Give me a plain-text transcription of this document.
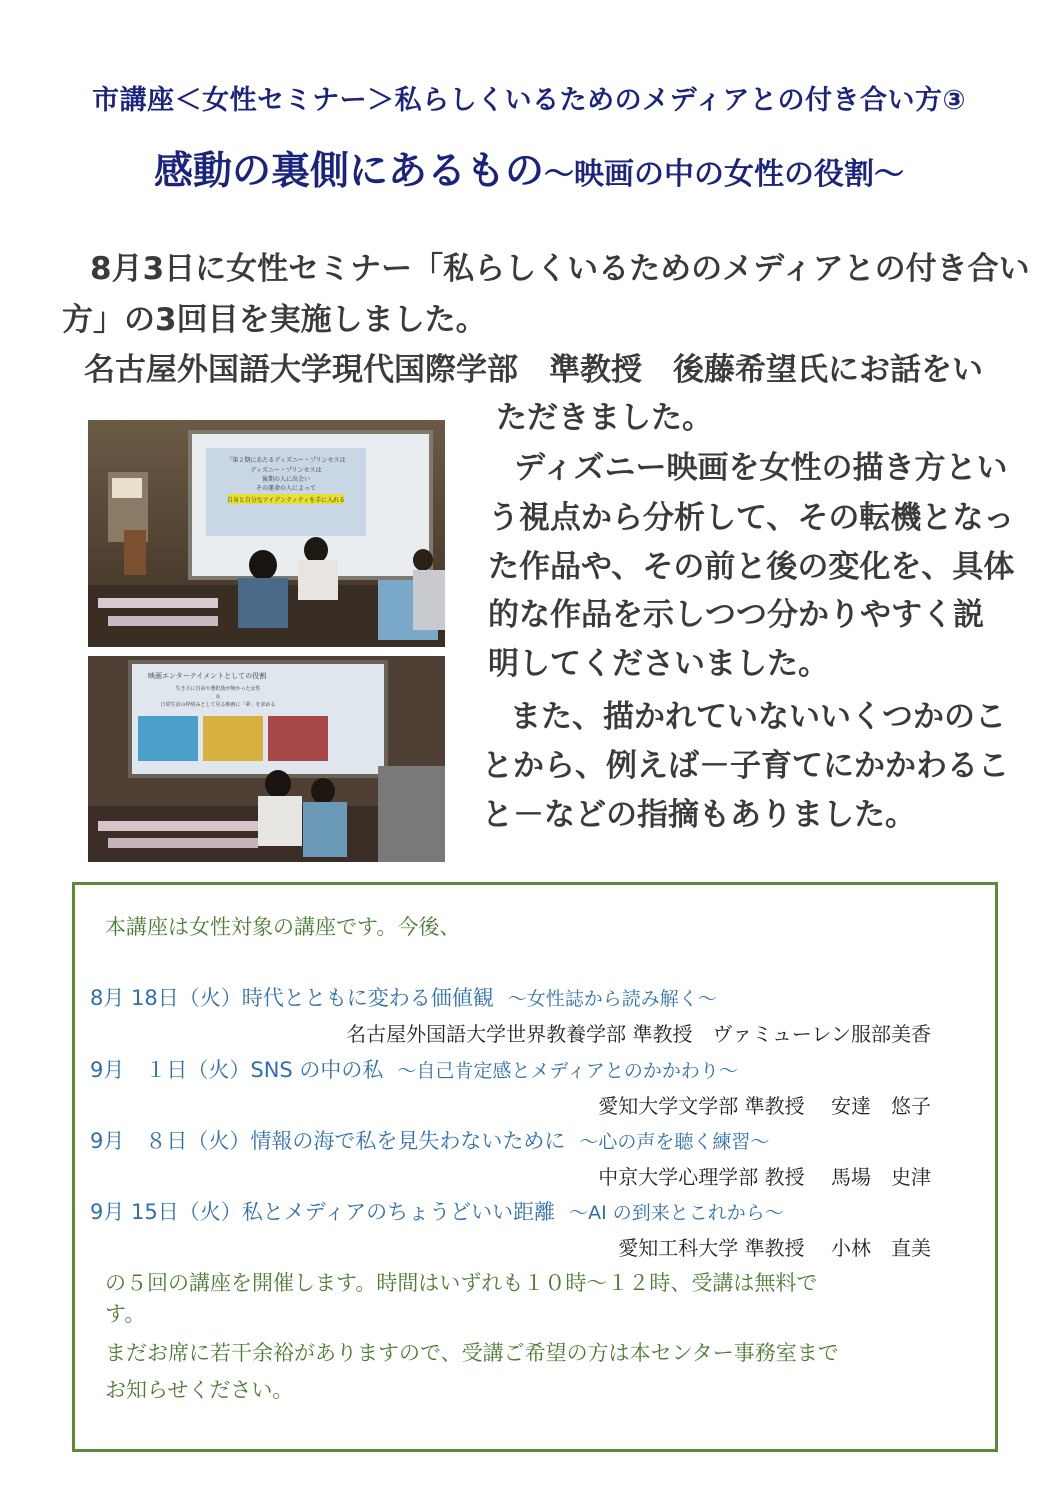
市講座＜女性セミナー＞私らしくいるためのメディアとの付き合い方③
感動の裏側にあるもの～映画の中の女性の役割～
8月3日に女性セミナー「私らしくいるためのメディアとの付き合い
方」の3回目を実施しました。
名古屋外国語大学現代国際学部　準教授　後藤希望氏にお話をい
ただきました。
ディズニー映画を女性の描き方とい
う視点から分析して、その転機となっ
た作品や、その前と後の変化を、具体
的な作品を示しつつ分かりやすく説
明してくださいました。
また、描かれていないいくつかのこ
とから、例えば－子育てにかかわるこ
と－などの指摘もありました。
「第２期にあたるディズニー・プリンセスは
ディズニー・プリンセスは
後期の人に出会い
その運命の人によって
自身と自分なアイデンティティを手に入れる
映画エンターテイメントとしての役割
生き方に自由や選択肢が無かった女性
＆
日常生活の枠組みとして見る映画に「夢」を求める
本講座は女性対象の講座です。今後、
8月 18日（火）時代とともに変わる価値観 ～女性誌から読み解く～
名古屋外国語大学世界教養学部 準教授　ヴァミューレン服部美香
9月　１日（火）SNS の中の私 ～自己肯定感とメディアとのかかわり～
愛知大学文学部 準教授　 安達　悠子
9月　８日（火）情報の海で私を見失わないために ～心の声を聴く練習～
中京大学心理学部 教授　 馬場　史津
9月 15日（火）私とメディアのちょうどいい距離 ～AI の到来とこれから～
愛知工科大学 準教授　 小林　直美
の５回の講座を開催します。時間はいずれも１０時～１２時、受講は無料で
す。
まだお席に若干余裕がありますので、受講ご希望の方は本センター事務室まで
お知らせください。
